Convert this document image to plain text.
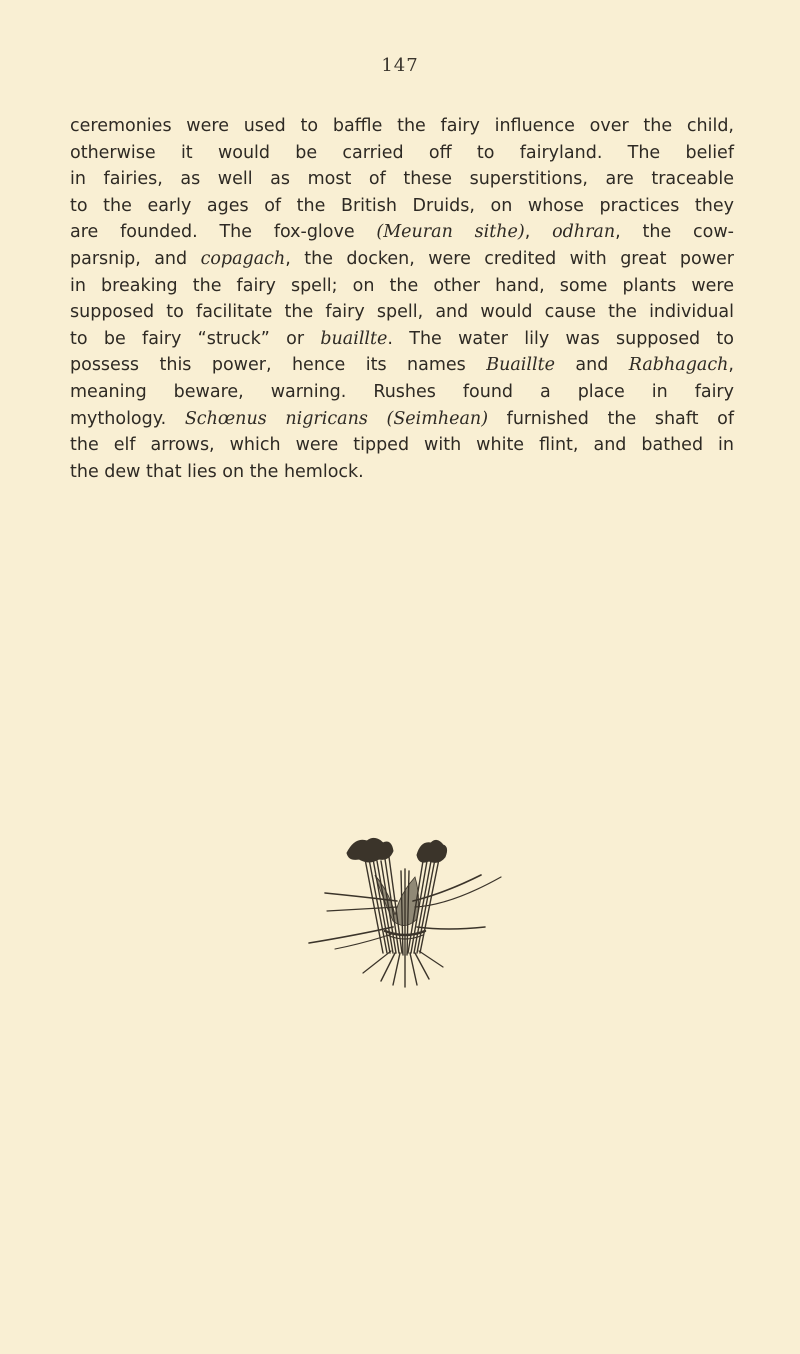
147
ceremonies were used to baffle the fairy influence over the child,
otherwise it would be carried off to fairyland. The belief
in fairies, as well as most of these superstitions, are traceable
to the early ages of the British Druids, on whose practices they
are founded. The fox-glove (Meuran sithe), odhran, the cow-
parsnip, and copagach, the docken, were credited with great power
in breaking the fairy spell; on the other hand, some plants were
supposed to facilitate the fairy spell, and would cause the individual
to be fairy “struck” or buaillte. The water lily was supposed to
possess this power, hence its names Buaillte and Rabhagach,
meaning beware, warning. Rushes found a place in fairy
mythology. Schœnus nigricans (Seimhean) furnished the shaft of
the elf arrows, which were tipped with white flint, and bathed in
the dew that lies on the hemlock.
